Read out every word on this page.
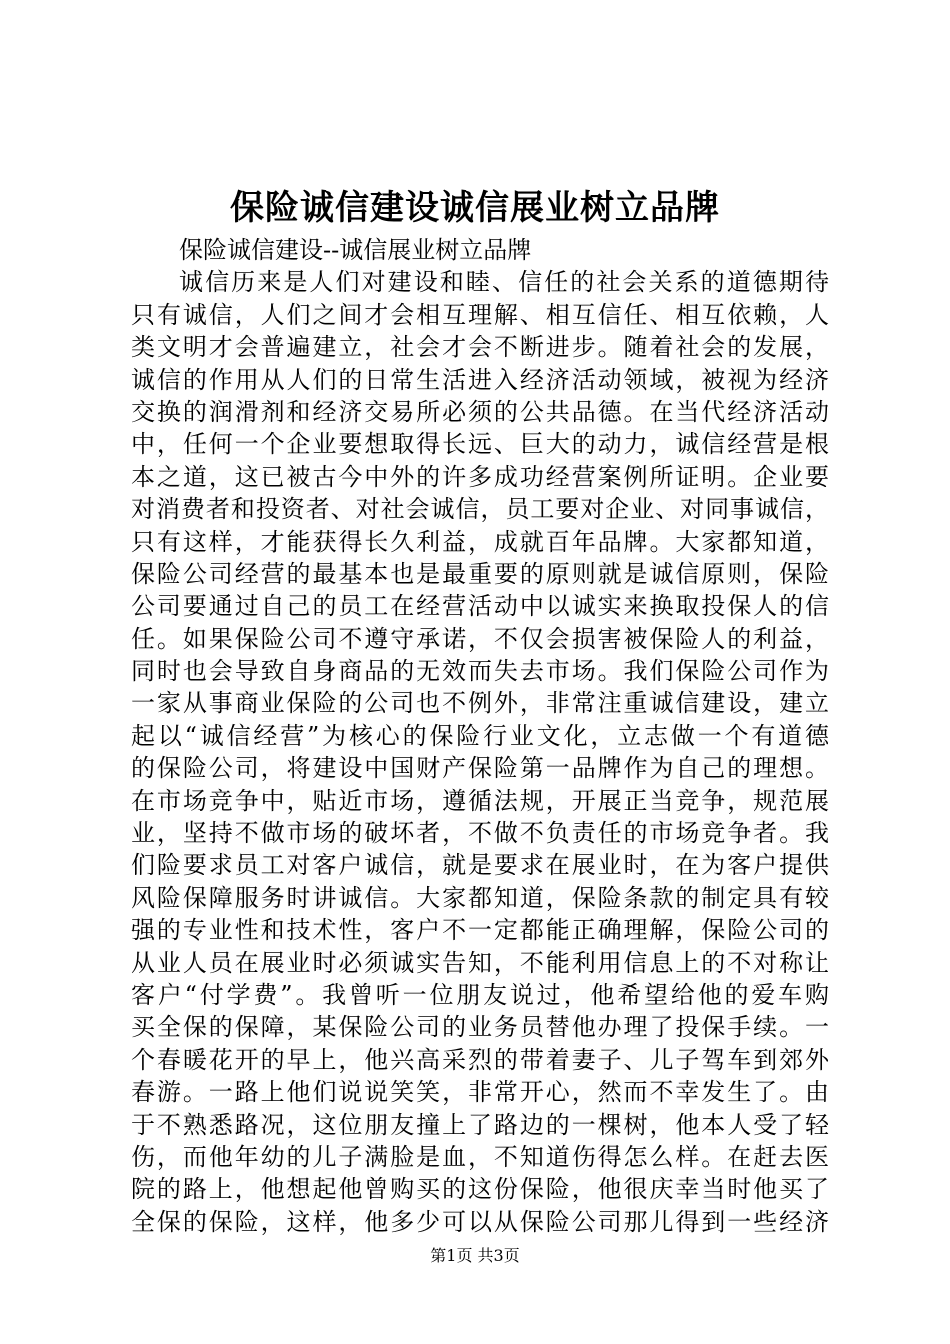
保险诚信建设诚信展业树立品牌
保险诚信建设--诚信展业树立品牌
诚信历来是人们对建设和睦、信任的社会关系的道德期待
只有诚信，人们之间才会相互理解、相互信任、相互依赖，人
类文明才会普遍建立，社会才会不断进步。随着社会的发展，
诚信的作用从人们的日常生活进入经济活动领域，被视为经济
交换的润滑剂和经济交易所必须的公共品德。在当代经济活动
中，任何一个企业要想取得长远、巨大的动力，诚信经营是根
本之道，这已被古今中外的许多成功经营案例所证明。企业要
对消费者和投资者、对社会诚信，员工要对企业、对同事诚信，
只有这样，才能获得长久利益，成就百年品牌。大家都知道，
保险公司经营的最基本也是最重要的原则就是诚信原则，保险
公司要通过自己的员工在经营活动中以诚实来换取投保人的信
任。如果保险公司不遵守承诺，不仅会损害被保险人的利益，
同时也会导致自身商品的无效而失去市场。我们保险公司作为
一家从事商业保险的公司也不例外，非常注重诚信建设，建立
起以“诚信经营”为核心的保险行业文化，立志做一个有道德
的保险公司，将建设中国财产保险第一品牌作为自己的理想。
在市场竞争中，贴近市场，遵循法规，开展正当竞争，规范展
业，坚持不做市场的破坏者，不做不负责任的市场竞争者。我
们险要求员工对客户诚信，就是要求在展业时，在为客户提供
风险保障服务时讲诚信。大家都知道，保险条款的制定具有较
强的专业性和技术性，客户不一定都能正确理解，保险公司的
从业人员在展业时必须诚实告知，不能利用信息上的不对称让
客户“付学费”。我曾听一位朋友说过，他希望给他的爱车购
买全保的保障，某保险公司的业务员替他办理了投保手续。一
个春暖花开的早上，他兴高采烈的带着妻子、儿子驾车到郊外
春游。一路上他们说说笑笑，非常开心，然而不幸发生了。由
于不熟悉路况，这位朋友撞上了路边的一棵树，他本人受了轻
伤，而他年幼的儿子满脸是血，不知道伤得怎么样。在赶去医
院的路上，他想起他曾购买的这份保险，他很庆幸当时他买了
全保的保险，这样，他多少可以从保险公司那儿得到一些经济
第1页 共3页
